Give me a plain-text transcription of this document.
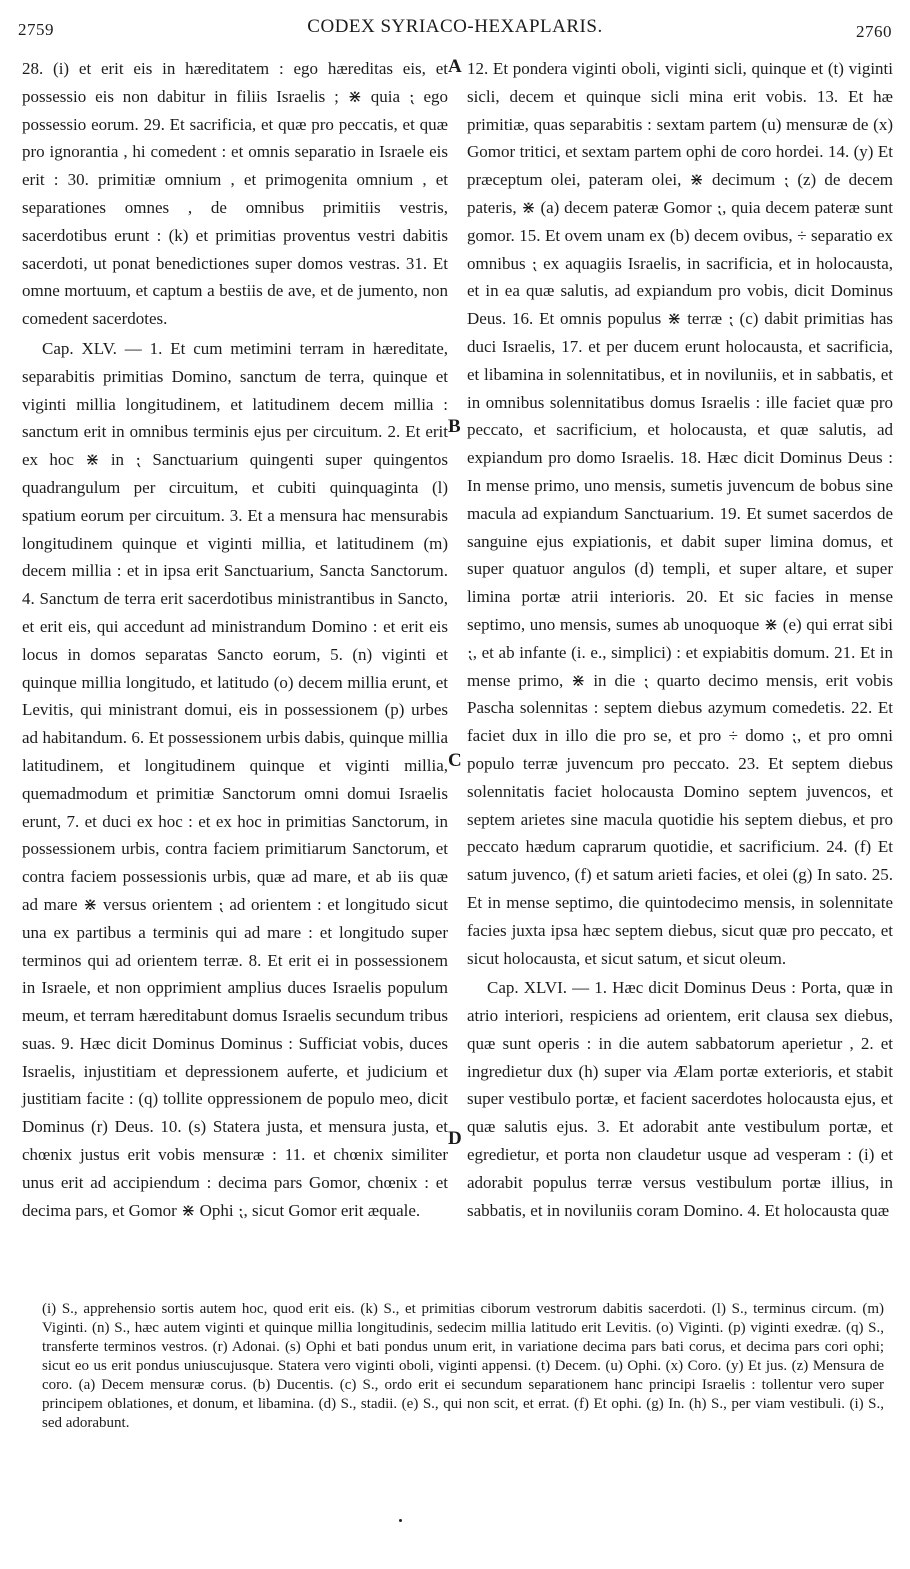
2759	CODEX SYRIACO-HEXAPLARIS.	2760

28. (i) et erit eis in hæreditatem : ego hæreditas eis, et possessio eis non dabitur in filiis Israelis ; ⋇ quia ⁏ ego possessio eorum. 29. Et sacrificia, et quæ pro peccatis, et quæ pro ignorantia , hi comedent : et omnis separatio in Israele eis erit : 30. primitiæ omnium , et primogenita omnium , et separationes omnes , de omnibus primitiis vestris, sacerdotibus erunt : (k) et primitias proventus vestri dabitis sacerdoti, ut ponat benedictiones super domos vestras. 31. Et omne mortuum, et captum a bestiis de ave, et de jumento, non comedent sacerdotes.

Cap. XLV. — 1. Et cum metimini terram in hæreditate, separabitis primitias Domino, sanctum de terra, quinque et viginti millia longitudinem, et latitudinem decem millia : sanctum erit in omnibus terminis ejus per circuitum. 2. Et erit ex hoc ⋇ in ⁏ Sanctuarium quingenti super quingentos quadrangulum per circuitum, et cubiti quinquaginta (l) spatium eorum per circuitum. 3. Et a mensura hac mensurabis longitudinem quinque et viginti millia, et latitudinem (m) decem millia : et in ipsa erit Sanctuarium, Sancta Sanctorum. 4. Sanctum de terra erit sacerdotibus ministrantibus in Sancto, et erit eis, qui accedunt ad ministrandum Domino : et erit eis locus in domos separatas Sancto eorum, 5. (n) viginti et quinque millia longitudo, et latitudo (o) decem millia erunt, et Levitis, qui ministrant domui, eis in possessionem (p) urbes ad habitandum. 6. Et possessionem urbis dabis, quinque millia latitudinem, et longitudinem quinque et viginti millia, quemadmodum et primitiæ Sanctorum omni domui Israelis erunt, 7. et duci ex hoc : et ex hoc in primitias Sanctorum, in possessionem urbis, contra faciem primitiarum Sanctorum, et contra faciem possessionis urbis, quæ ad mare, et ab iis quæ ad mare ⋇ versus orientem ⁏ ad orientem : et longitudo sicut una ex partibus a terminis qui ad mare : et longitudo super terminos qui ad orientem terræ. 8. Et erit ei in possessionem in Israele, et non opprimient amplius duces Israelis populum meum, et terram hæreditabunt domus Israelis secundum tribus suas. 9. Hæc dicit Dominus Dominus : Sufficiat vobis, duces Israelis, injustitiam et depressionem auferte, et judicium et justitiam facite : (q) tollite oppressionem de populo meo, dicit Dominus (r) Deus. 10. (s) Statera justa, et mensura justa, et chœnix justus erit vobis mensuræ : 11. et chœnix similiter unus erit ad accipiendum : decima pars Gomor, chœnix : et decima pars, et Gomor ⋇ Ophi ⁏, sicut Gomor erit æquale.

A
B
C
D

12. Et pondera viginti oboli, viginti sicli, quinque et (t) viginti sicli, decem et quinque sicli mina erit vobis. 13. Et hæ primitiæ, quas separabitis : sextam partem (u) mensuræ de (x) Gomor tritici, et sextam partem ophi de coro hordei. 14. (y) Et præceptum olei, pateram olei, ⋇ decimum ⁏ (z) de decem pateris, ⋇ (a) decem pateræ Gomor ⁏, quia decem pateræ sunt gomor. 15. Et ovem unam ex (b) decem ovibus, ÷ separatio ex omnibus ⁏ ex aquagiis Israelis, in sacrificia, et in holocausta, et in ea quæ salutis, ad expiandum pro vobis, dicit Dominus Deus. 16. Et omnis populus ⋇ terræ ⁏ (c) dabit primitias has duci Israelis, 17. et per ducem erunt holocausta, et sacrificia, et libamina in solennitatibus, et in noviluniis, et in sabbatis, et in omnibus solennitatibus domus Israelis : ille faciet quæ pro peccato, et sacrificium, et holocausta, et quæ salutis, ad expiandum pro domo Israelis. 18. Hæc dicit Dominus Deus : In mense primo, uno mensis, sumetis juvencum de bobus sine macula ad expiandum Sanctuarium. 19. Et sumet sacerdos de sanguine ejus expiationis, et dabit super limina domus, et super quatuor angulos (d) templi, et super altare, et super limina portæ atrii interioris. 20. Et sic facies in mense septimo, uno mensis, sumes ab unoquoque ⋇ (e) qui errat sibi ⁏, et ab infante (i. e., simplici) : et expiabitis domum. 21. Et in mense primo, ⋇ in die ⁏ quarto decimo mensis, erit vobis Pascha solennitas : septem diebus azymum comedetis. 22. Et faciet dux in illo die pro se, et pro ÷ domo ⁏, et pro omni populo terræ juvencum pro peccato. 23. Et septem diebus solennitatis faciet holocausta Domino septem juvencos, et septem arietes sine macula quotidie his septem diebus, et pro peccato hædum caprarum quotidie, et sacrificium. 24. (f) Et satum juvenco, (f) et satum arieti facies, et olei (g) In sato. 25. Et in mense septimo, die quintodecimo mensis, in solennitate facies juxta ipsa hæc septem diebus, sicut quæ pro peccato, et sicut holocausta, et sicut satum, et sicut oleum.

Cap. XLVI. — 1. Hæc dicit Dominus Deus : Porta, quæ in atrio interiori, respiciens ad orientem, erit clausa sex diebus, quæ sunt operis : in die autem sabbatorum aperietur , 2. et ingredietur dux (h) super via Ælam portæ exterioris, et stabit super vestibulo portæ, et facient sacerdotes holocausta ejus, et quæ salutis ejus. 3. Et adorabit ante vestibulum portæ, et egredietur, et porta non claudetur usque ad vesperam : (i) et adorabit populus terræ versus vestibulum portæ illius, in sabbatis, et in noviluniis coram Domino. 4. Et holocausta quæ

(i) S., apprehensio sortis autem hoc, quod erit eis. (k) S., et primitias ciborum vestrorum dabitis sacerdoti. (l) S., terminus circum. (m) Viginti. (n) S., hæc autem viginti et quinque millia longitudinis, sedecim millia latitudo erit Levitis. (o) Viginti. (p) viginti exedræ. (q) S., transferte terminos vestros. (r) Adonai. (s) Ophi et bati pondus unum erit, in variatione decima pars bati corus, et decima pars cori ophi; sicut eo us erit pondus uniuscujusque. Statera vero viginti oboli, viginti appensi. (t) Decem. (u) Ophi. (x) Coro. (y) Et jus. (z) Mensura de coro. (a) Decem mensuræ corus. (b) Ducentis. (c) S., ordo erit ei secundum separationem hanc principi Israelis : tollentur vero super principem oblationes, et donum, et libamina. (d) S., stadii. (e) S., qui non scit, et errat. (f) Et ophi. (g) In. (h) S., per viam vestibuli. (i) S., sed adorabunt.
